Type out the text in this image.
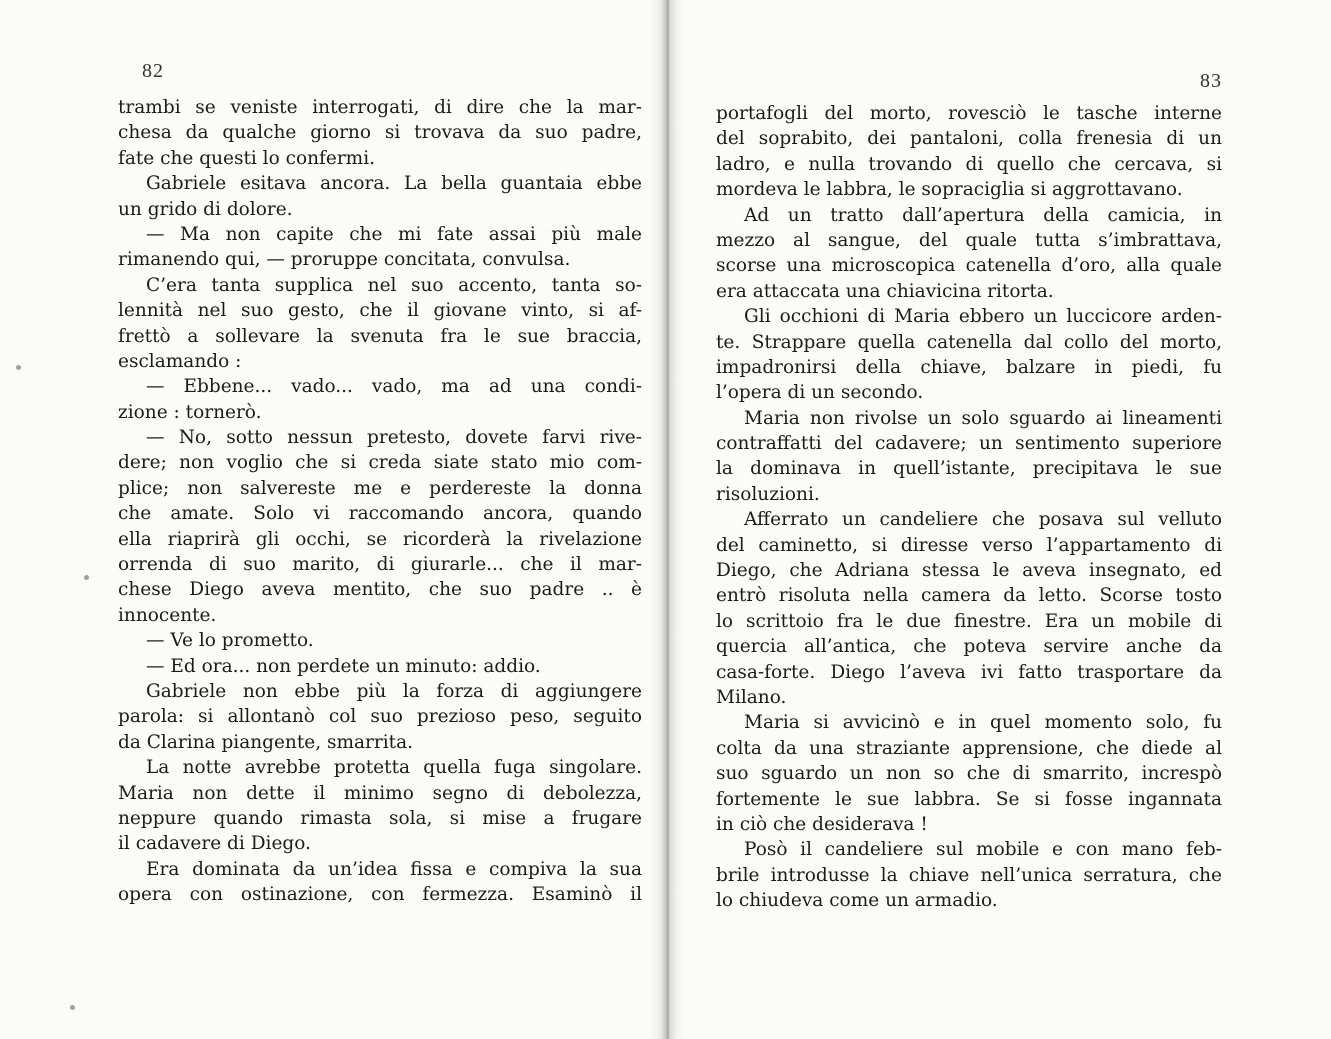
82
trambi se veniste interrogati, di dire che la mar-
chesa da qualche giorno si trovava da suo padre,
fate che questi lo confermi.
Gabriele esitava ancora. La bella guantaia ebbe
un grido di dolore.
— Ma non capite che mi fate assai più male
rimanendo qui, — proruppe concitata, convulsa.
C’era tanta supplica nel suo accento, tanta so-
lennità nel suo gesto, che il giovane vinto, si af-
frettò a sollevare la svenuta fra le sue braccia,
esclamando :
— Ebbene... vado... vado, ma ad una condi-
zione : tornerò.
— No, sotto nessun pretesto, dovete farvi rive-
dere; non voglio che si creda siate stato mio com-
plice; non salvereste me e perdereste la donna
che amate. Solo vi raccomando ancora, quando
ella riaprirà gli occhi, se ricorderà la rivelazione
orrenda di suo marito, di giurarle... che il mar-
chese Diego aveva mentito, che suo padre .. è
innocente.
— Ve lo prometto.
— Ed ora... non perdete un minuto: addio.
Gabriele non ebbe più la forza di aggiungere
parola: si allontanò col suo prezioso peso, seguito
da Clarina piangente, smarrita.
La notte avrebbe protetta quella fuga singolare.
Maria non dette il minimo segno di debolezza,
neppure quando rimasta sola, si mise a frugare
il cadavere di Diego.
Era dominata da un’idea fissa e compiva la sua
opera con ostinazione, con fermezza. Esaminò il
83
portafogli del morto, rovesciò le tasche interne
del soprabito, dei pantaloni, colla frenesia di un
ladro, e nulla trovando di quello che cercava, si
mordeva le labbra, le sopraciglia si aggrottavano.
Ad un tratto dall’apertura della camicia, in
mezzo al sangue, del quale tutta s’imbrattava,
scorse una microscopica catenella d’oro, alla quale
era attaccata una chiavicina ritorta.
Gli occhioni di Maria ebbero un luccicore arden-
te. Strappare quella catenella dal collo del morto,
impadronirsi della chiave, balzare in piedi, fu
l’opera di un secondo.
Maria non rivolse un solo sguardo ai lineamenti
contraffatti del cadavere; un sentimento superiore
la dominava in quell’istante, precipitava le sue
risoluzioni.
Afferrato un candeliere che posava sul velluto
del caminetto, si diresse verso l’appartamento di
Diego, che Adriana stessa le aveva insegnato, ed
entrò risoluta nella camera da letto. Scorse tosto
lo scrittoio fra le due finestre. Era un mobile di
quercia all’antica, che poteva servire anche da
casa-forte. Diego l’aveva ivi fatto trasportare da
Milano.
Maria si avvicinò e in quel momento solo, fu
colta da una straziante apprensione, che diede al
suo sguardo un non so che di smarrito, increspò
fortemente le sue labbra. Se si fosse ingannata
in ciò che desiderava !
Posò il candeliere sul mobile e con mano feb-
brile introdusse la chiave nell’unica serratura, che
lo chiudeva come un armadio.
